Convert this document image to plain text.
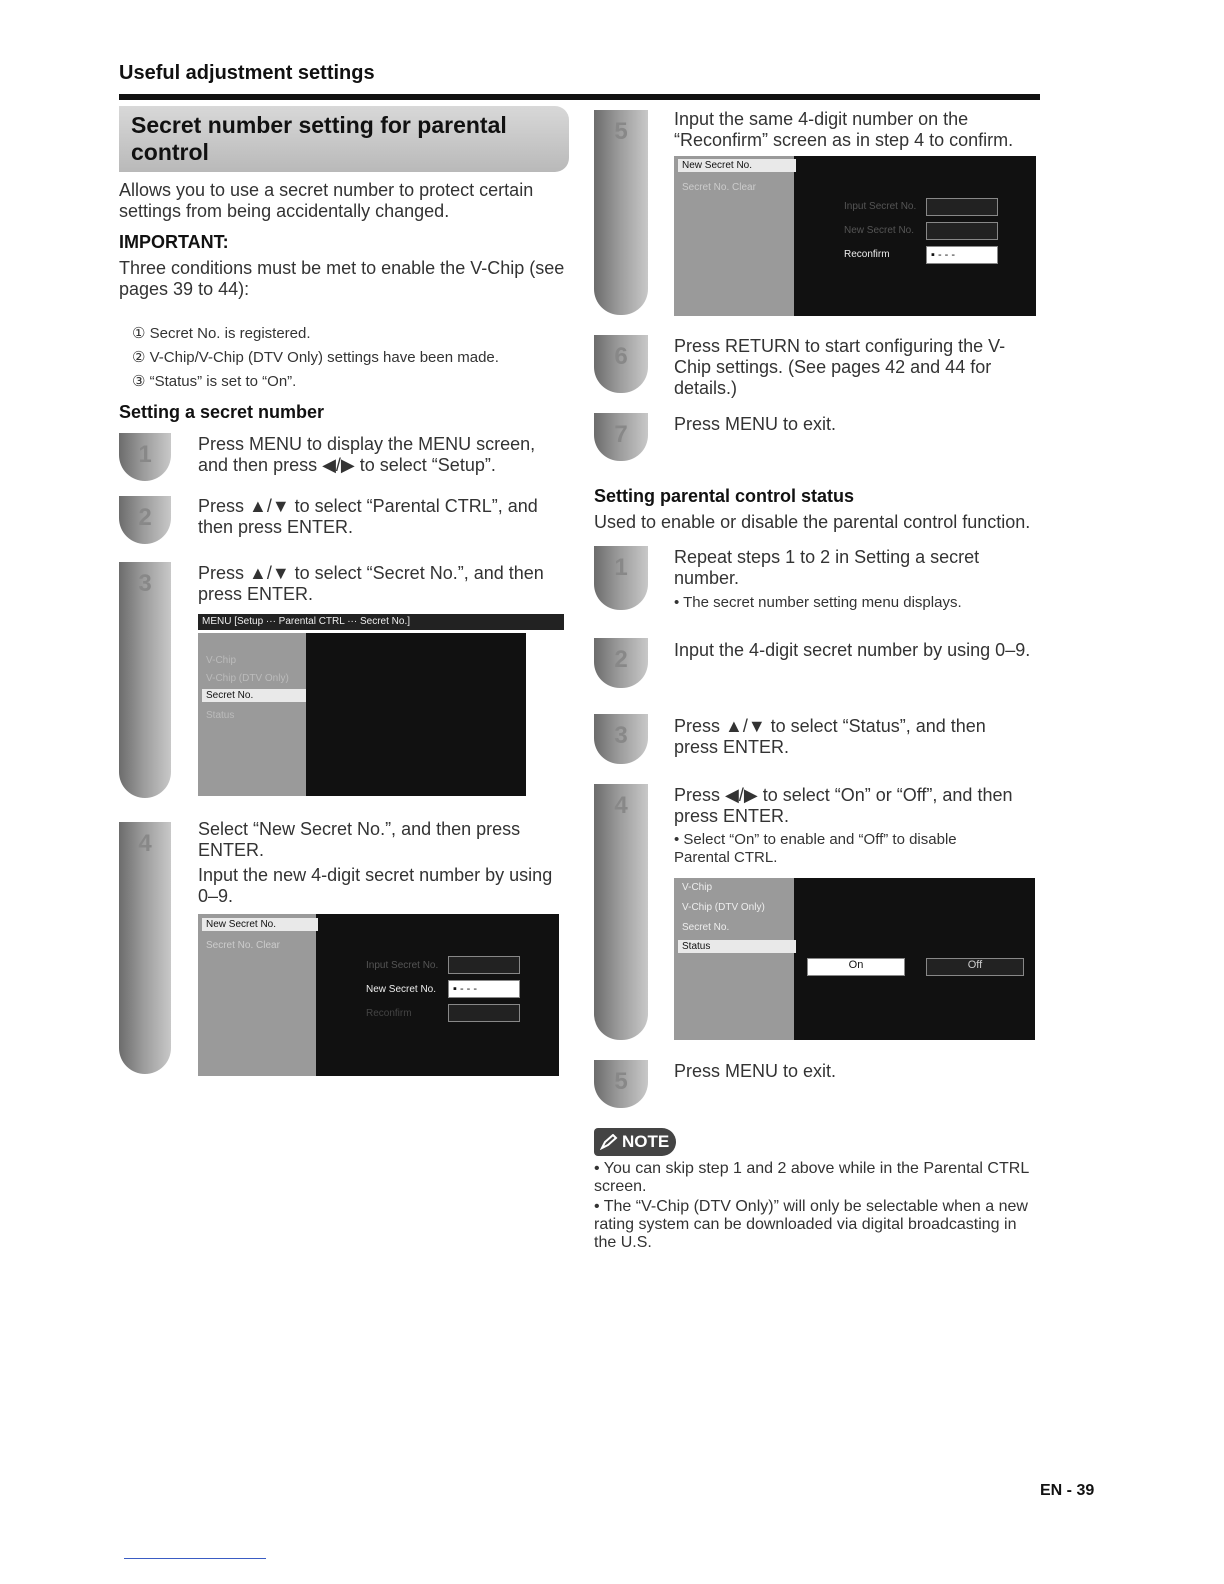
Useful adjustment settings
Secret number setting for parental control
Allows you to use a secret number to protect certain settings from being accidentally changed.
IMPORTANT:
Three conditions must be met to enable the V-Chip (see pages 39 to 44):
① Secret No. is registered.
② V-Chip/V-Chip (DTV Only) settings have been made.
③ “Status” is set to “On”.
Setting a secret number
1	Press MENU to display the MENU screen, and then press ◀/▶ to select “Setup”.
2	Press ▲/▼ to select “Parental CTRL”, and then press ENTER.
3	Press ▲/▼ to select “Secret No.”, and then press ENTER.
MENU [Setup ··· Parental CTRL ··· Secret No.]
V-Chip
V-Chip (DTV Only)
Secret No.
Status
4
Select “New Secret No.”, and then press ENTER.
Input the new 4-digit secret number by using 0–9.
New Secret No.
Secret No. Clear
Input Secret No.
New Secret No.
Reconfirm
▪ - - -
5	Input the same 4-digit number on the “Reconfirm” screen as in step 4 to confirm.
New Secret No.
Secret No. Clear
Input Secret No.
New Secret No.
Reconfirm	▪ - - -
6	Press RETURN to start configuring the V-Chip settings. (See pages 42 and 44 for details.)
7	Press MENU to exit.
Setting parental control status
Used to enable or disable the parental control function.
1	Repeat steps 1 to 2 in Setting a secret number.
• The secret number setting menu displays.
2	Input the 4-digit secret number by using 0–9.
3	Press ▲/▼ to select “Status”, and then press ENTER.
4	Press ◀/▶ to select “On” or “Off”, and then press ENTER.
• Select “On” to enable and “Off” to disable Parental CTRL.
V-Chip
V-Chip (DTV Only)
Secret No.
Status
On	Off
5	Press MENU to exit.
NOTE
• You can skip step 1 and 2 above while in the Parental CTRL screen.
• The “V-Chip (DTV Only)” will only be selectable when a new rating system can be downloaded via digital broadcasting in the U.S.
EN - 39
